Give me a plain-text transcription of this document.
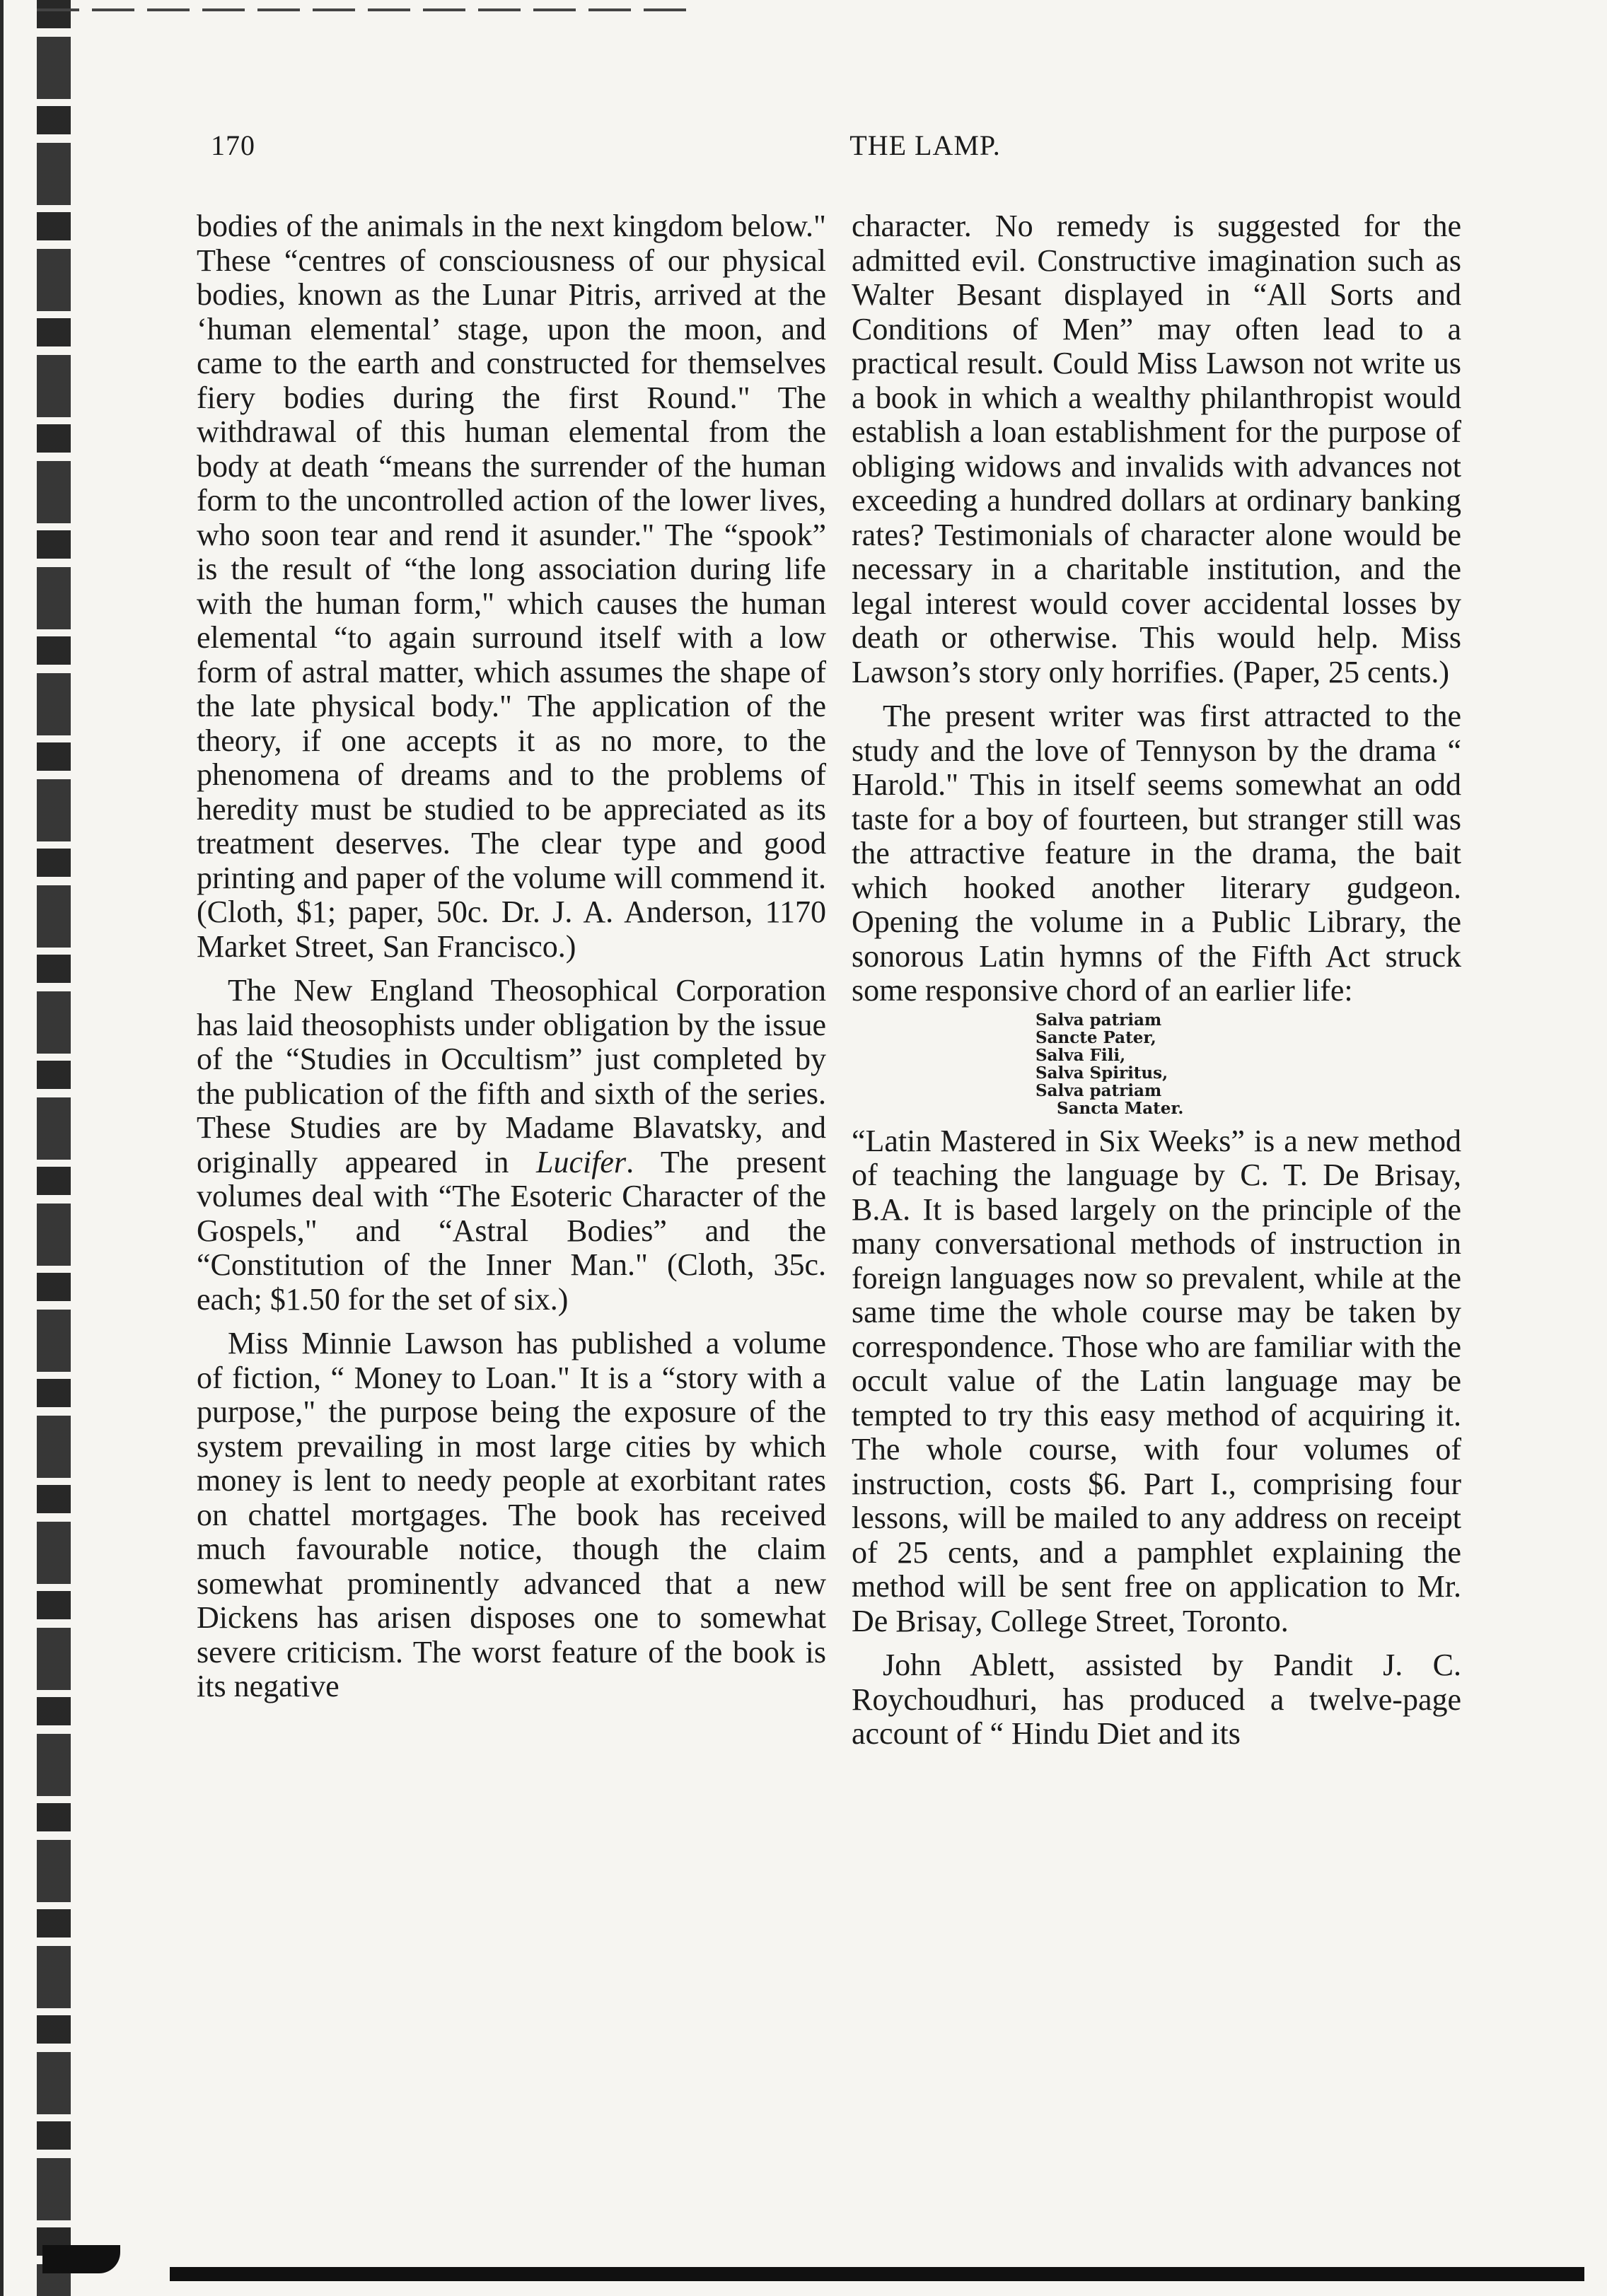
170	THE LAMP.

bodies of the animals in the next kingdom below." These “centres of consciousness of our physical bodies, known as the Lunar Pitris, arrived at the ‘human elemental’ stage, upon the moon, and came to the earth and constructed for themselves fiery bodies during the first Round." The withdrawal of this human elemental from the body at death “means the surrender of the human form to the uncontrolled action of the lower lives, who soon tear and rend it asunder." The “spook” is the result of “the long association during life with the human form," which causes the human elemental “to again surround itself with a low form of astral matter, which assumes the shape of the late physical body." The application of the theory, if one accepts it as no more, to the phenomena of dreams and to the problems of heredity must be studied to be appreciated as its treatment deserves. The clear type and good printing and paper of the volume will commend it. (Cloth, $1; paper, 50c. Dr. J. A. Anderson, 1170 Market Street, San Francisco.)

The New England Theosophical Corporation has laid theosophists under obligation by the issue of the “Studies in Occultism” just completed by the publication of the fifth and sixth of the series. These Studies are by Madame Blavatsky, and originally appeared in Lucifer. The present volumes deal with “The Esoteric Character of the Gospels," and “Astral Bodies” and the “Constitution of the Inner Man." (Cloth, 35c. each; $1.50 for the set of six.)

Miss Minnie Lawson has published a volume of fiction, “ Money to Loan." It is a “story with a purpose," the purpose being the exposure of the system prevailing in most large cities by which money is lent to needy people at exorbitant rates on chattel mortgages. The book has received much favourable notice, though the claim somewhat prominently advanced that a new Dickens has arisen disposes one to somewhat severe criticism. The worst feature of the book is its negative

character. No remedy is suggested for the admitted evil. Constructive imagination such as Walter Besant displayed in “All Sorts and Conditions of Men” may often lead to a practical result. Could Miss Lawson not write us a book in which a wealthy philanthropist would establish a loan establishment for the purpose of obliging widows and invalids with advances not exceeding a hundred dollars at ordinary banking rates? Testimonials of character alone would be necessary in a charitable institution, and the legal interest would cover accidental losses by death or otherwise. This would help. Miss Lawson’s story only horrifies. (Paper, 25 cents.)

The present writer was first attracted to the study and the love of Tennyson by the drama “ Harold." This in itself seems somewhat an odd taste for a boy of fourteen, but stranger still was the attractive feature in the drama, the bait which hooked another literary gudgeon. Opening the volume in a Public Library, the sonorous Latin hymns of the Fifth Act struck some responsive chord of an earlier life:

Salva patriam
Sancte Pater,
Salva Fili,
Salva Spiritus,
Salva patriam
Sancta Mater.

“Latin Mastered in Six Weeks” is a new method of teaching the language by C. T. De Brisay, B.A. It is based largely on the principle of the many conversational methods of instruction in foreign languages now so prevalent, while at the same time the whole course may be taken by correspondence. Those who are familiar with the occult value of the Latin language may be tempted to try this easy method of acquiring it. The whole course, with four volumes of instruction, costs $6. Part I., comprising four lessons, will be mailed to any address on receipt of 25 cents, and a pamphlet explaining the method will be sent free on application to Mr. De Brisay, College Street, Toronto.

John Ablett, assisted by Pandit J. C. Roychoudhuri, has produced a twelve-page account of “ Hindu Diet and its
